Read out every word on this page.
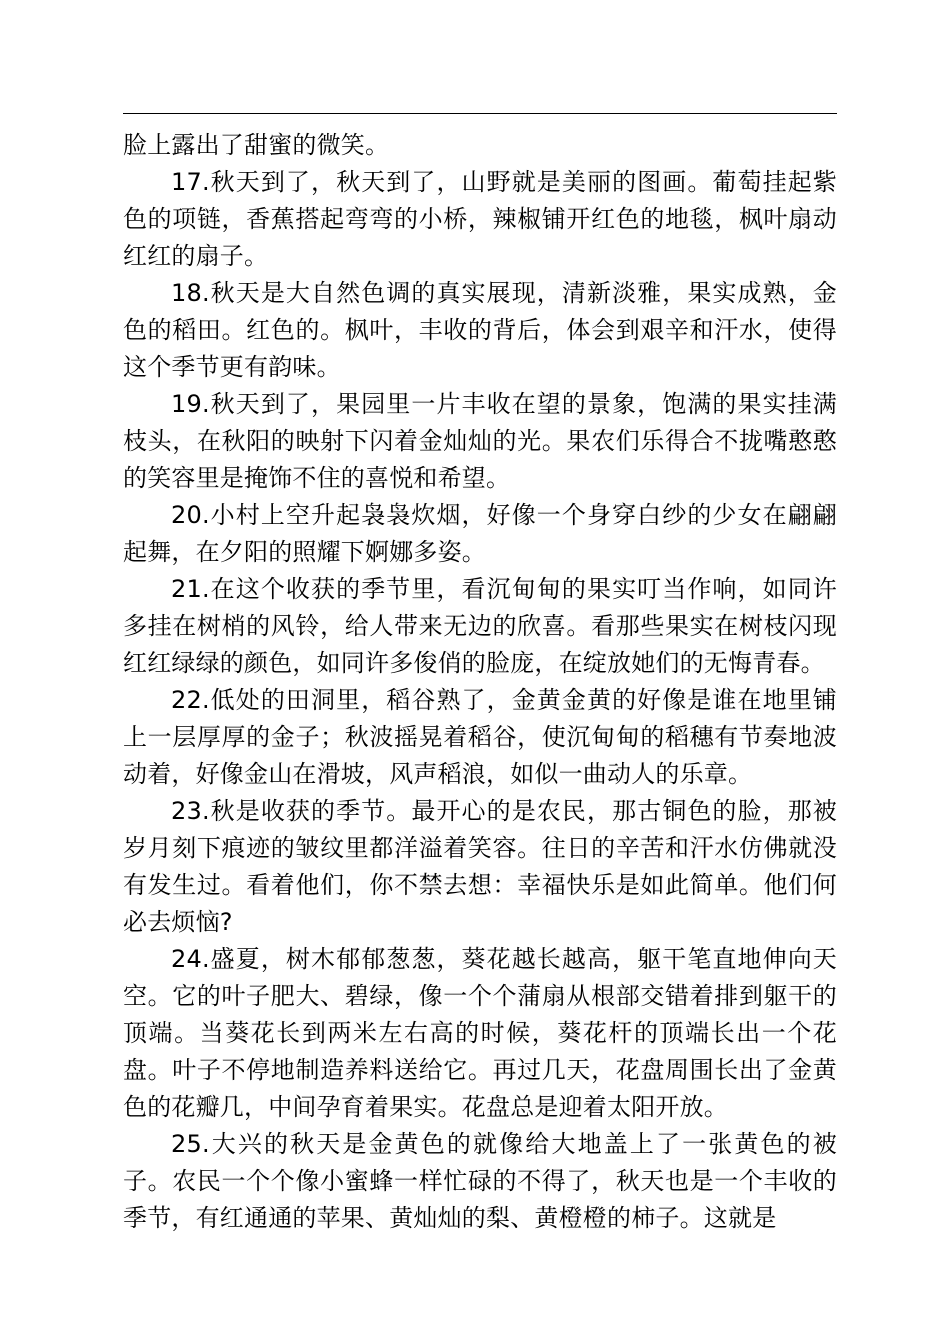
脸上露出了甜蜜的微笑。

17.秋天到了，秋天到了，山野就是美丽的图画。葡萄挂起紫色的项链，香蕉搭起弯弯的小桥，辣椒铺开红色的地毯，枫叶扇动红红的扇子。

18.秋天是大自然色调的真实展现，清新淡雅，果实成熟，金色的稻田。红色的。枫叶，丰收的背后，体会到艰辛和汗水，使得这个季节更有韵味。

19.秋天到了，果园里一片丰收在望的景象，饱满的果实挂满枝头，在秋阳的映射下闪着金灿灿的光。果农们乐得合不拢嘴憨憨的笑容里是掩饰不住的喜悦和希望。

20.小村上空升起袅袅炊烟，好像一个身穿白纱的少女在翩翩起舞，在夕阳的照耀下婀娜多姿。

21.在这个收获的季节里，看沉甸甸的果实叮当作响，如同许多挂在树梢的风铃，给人带来无边的欣喜。看那些果实在树枝闪现红红绿绿的颜色，如同许多俊俏的脸庞，在绽放她们的无悔青春。

22.低处的田洞里，稻谷熟了，金黄金黄的好像是谁在地里铺上一层厚厚的金子；秋波摇晃着稻谷，使沉甸甸的稻穗有节奏地波动着，好像金山在滑坡，风声稻浪，如似一曲动人的乐章。

23.秋是收获的季节。最开心的是农民，那古铜色的脸，那被岁月刻下痕迹的皱纹里都洋溢着笑容。往日的辛苦和汗水仿佛就没有发生过。看着他们，你不禁去想：幸福快乐是如此简单。他们何必去烦恼?

24.盛夏，树木郁郁葱葱，葵花越长越高，躯干笔直地伸向天空。它的叶子肥大、碧绿，像一个个蒲扇从根部交错着排到躯干的顶端。当葵花长到两米左右高的时候，葵花杆的顶端长出一个花盘。叶子不停地制造养料送给它。再过几天，花盘周围长出了金黄色的花瓣几，中间孕育着果实。花盘总是迎着太阳开放。

25.大兴的秋天是金黄色的就像给大地盖上了一张黄色的被子。农民一个个像小蜜蜂一样忙碌的不得了，秋天也是一个丰收的季节，有红通通的苹果、黄灿灿的梨、黄橙橙的柿子。这就是
